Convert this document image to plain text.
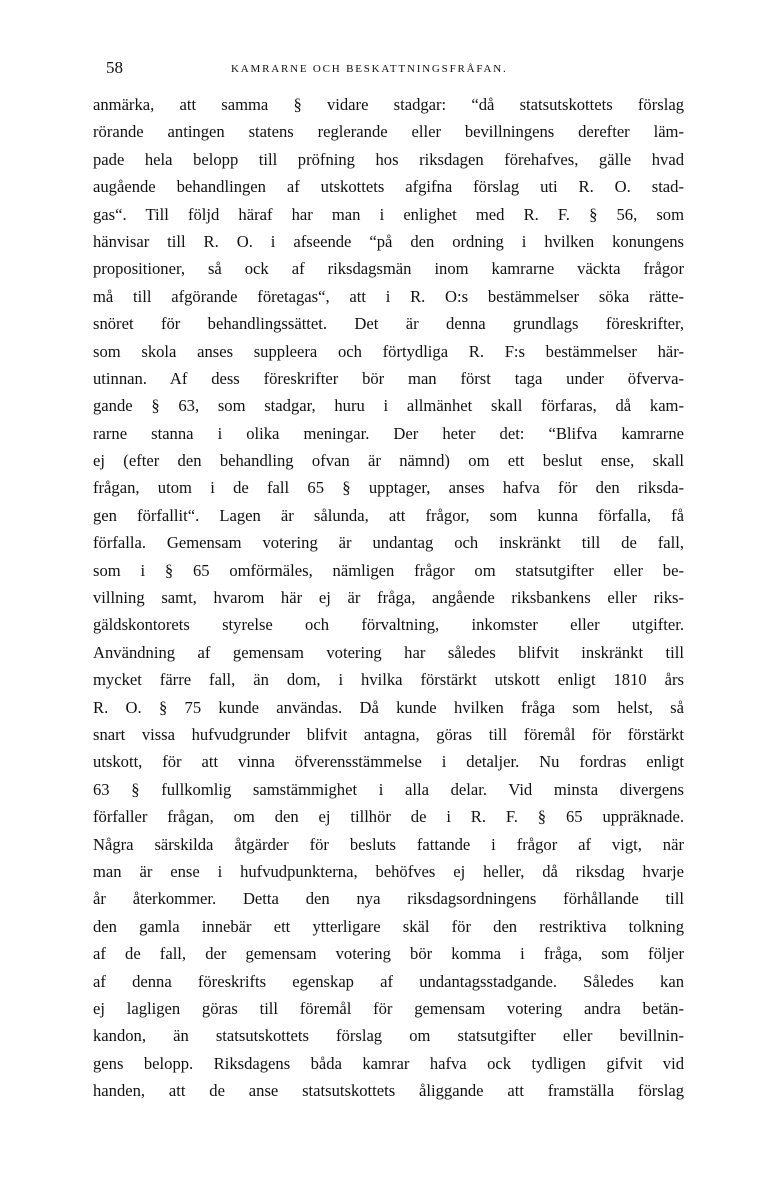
58	KAMRARNE OCH BESKATTNINGSFRÅFAN.
anmärka, att samma § vidare stadgar: “då statsutskottets förslag
rörande antingen statens reglerande eller bevillningens derefter läm-
pade hela belopp till pröfning hos riksdagen förehafves, gälle hvad
augående behandlingen af utskottets afgifna förslag uti R. O. stad-
gas“. Till följd häraf har man i enlighet med R. F. § 56, som
hänvisar till R. O. i afseende “på den ordning i hvilken konungens
propositioner, så ock af riksdagsmän inom kamrarne väckta frågor
må till afgörande företagas“, att i R. O:s bestämmelser söka rätte-
snöret för behandlingssättet. Det är denna grundlags föreskrifter,
som skola anses suppleera och förtydliga R. F:s bestämmelser här-
utinnan. Af dess föreskrifter bör man först taga under öfverva-
gande § 63, som stadgar, huru i allmänhet skall förfaras, då kam-
rarne stanna i olika meningar. Der heter det: “Blifva kamrarne
ej (efter den behandling ofvan är nämnd) om ett beslut ense, skall
frågan, utom i de fall 65 § upptager, anses hafva för den riksda-
gen förfallit“. Lagen är sålunda, att frågor, som kunna förfalla, få
förfalla. Gemensam votering är undantag och inskränkt till de fall,
som i § 65 omförmäles, nämligen frågor om statsutgifter eller be-
villning samt, hvarom här ej är fråga, angående riksbankens eller riks-
gäldskontorets styrelse och förvaltning, inkomster eller utgifter.
Användning af gemensam votering har således blifvit inskränkt till
mycket färre fall, än dom, i hvilka förstärkt utskott enligt 1810 års
R. O. § 75 kunde användas. Då kunde hvilken fråga som helst, så
snart vissa hufvudgrunder blifvit antagna, göras till föremål för förstärkt
utskott, för att vinna öfverensstämmelse i detaljer. Nu fordras enligt
63 § fullkomlig samstämmighet i alla delar. Vid minsta divergens
förfaller frågan, om den ej tillhör de i R. F. § 65 uppräknade.
Några särskilda åtgärder för besluts fattande i frågor af vigt, när
man är ense i hufvudpunkterna, behöfves ej heller, då riksdag hvarje
år återkommer. Detta den nya riksdagsordningens förhållande till
den gamla innebär ett ytterligare skäl för den restriktiva tolkning
af de fall, der gemensam votering bör komma i fråga, som följer
af denna föreskrifts egenskap af undantagsstadgande. Således kan
ej lagligen göras till föremål för gemensam votering andra betän-
kandon, än statsutskottets förslag om statsutgifter eller bevillnin-
gens belopp. Riksdagens båda kamrar hafva ock tydligen gifvit vid
handen, att de anse statsutskottets åliggande att framställa förslag
